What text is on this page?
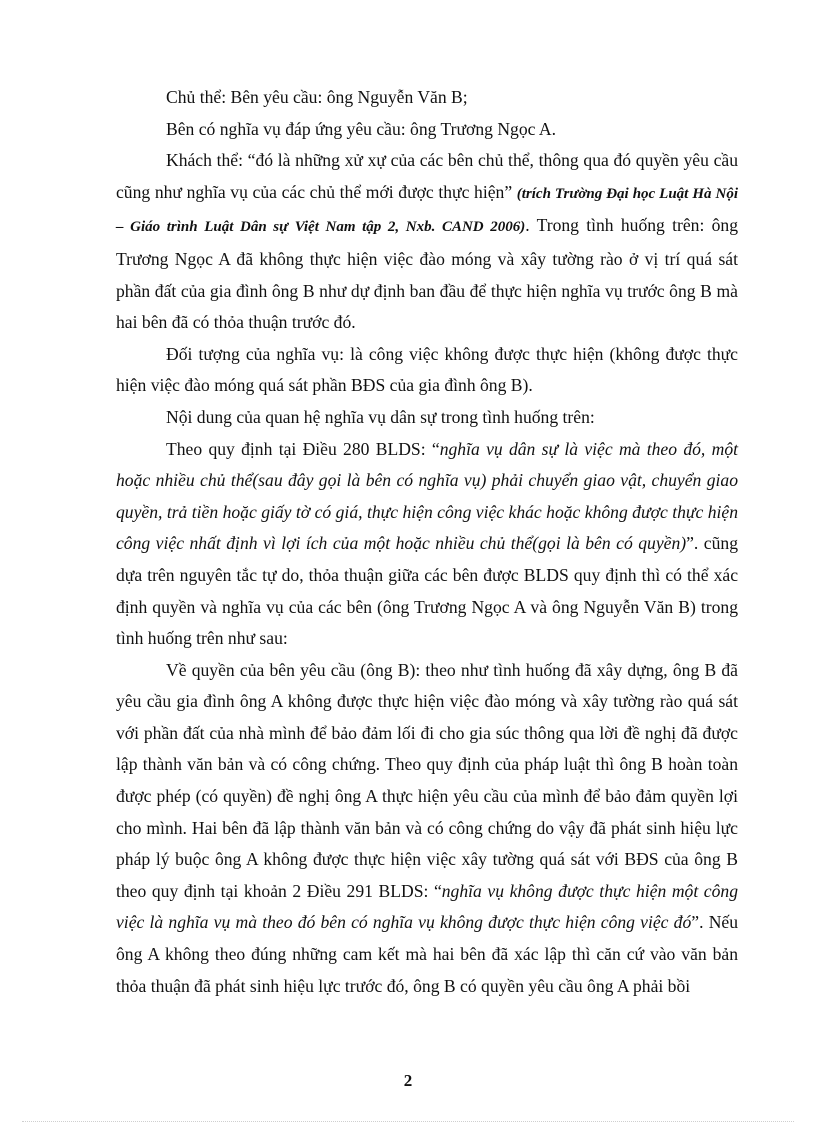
Chủ thể: Bên yêu cầu: ông Nguyễn Văn B;

Bên có nghĩa vụ đáp ứng yêu cầu: ông Trương Ngọc A.

Khách thể: “đó là những xử xự của các bên chủ thể, thông qua đó quyền yêu cầu cũng như nghĩa vụ của các chủ thể mới được thực hiện” (trích Trường Đại học Luật Hà Nội – Giáo trình Luật Dân sự Việt Nam tập 2, Nxb. CAND 2006). Trong tình huống trên: ông Trương Ngọc A đã không thực hiện việc đào móng và xây tường rào ở vị trí quá sát phần đất của gia đình ông B như dự định ban đầu để thực hiện nghĩa vụ trước ông B mà hai bên đã có thỏa thuận trước đó.

Đối tượng của nghĩa vụ: là công việc không được thực hiện (không được thực hiện việc đào móng quá sát phần BĐS của gia đình ông B).

Nội dung của quan hệ nghĩa vụ dân sự trong tình huống trên:

Theo quy định tại Điều 280 BLDS: “nghĩa vụ dân sự là việc mà theo đó, một hoặc nhiều chủ thể(sau đây gọi là bên có nghĩa vụ) phải chuyển giao vật, chuyển giao quyền, trả tiền hoặc giấy tờ có giá, thực hiện công việc khác hoặc không được thực hiện công việc nhất định vì lợi ích của một hoặc nhiều chủ thể(gọi là bên có quyền)”. cũng dựa trên nguyên tắc tự do, thỏa thuận giữa các bên được BLDS quy định thì có thể xác định quyền và nghĩa vụ của các bên (ông Trương Ngọc A và ông Nguyễn Văn B) trong tình huống trên như sau:

Về quyền của bên yêu cầu (ông B): theo như tình huống đã xây dựng, ông B đã yêu cầu gia đình ông A không được thực hiện việc đào móng và xây tường rào quá sát với phần đất của nhà mình để bảo đảm lối đi cho gia súc thông qua lời đề nghị đã được lập thành văn bản và có công chứng. Theo quy định của pháp luật thì ông B hoàn toàn được phép (có quyền) đề nghị ông A thực hiện yêu cầu của mình để bảo đảm quyền lợi cho mình. Hai bên đã lập thành văn bản và có công chứng do vậy đã phát sinh hiệu lực pháp lý buộc ông A không được thực hiện việc xây tường quá sát với BĐS của ông B theo quy định tại khoản 2 Điều 291 BLDS: “nghĩa vụ không được thực hiện một công việc là nghĩa vụ mà theo đó bên có nghĩa vụ không được thực hiện công việc đó”. Nếu ông A không theo đúng những cam kết mà hai bên đã xác lập thì căn cứ vào văn bản thỏa thuận đã phát sinh hiệu lực trước đó, ông B có quyền yêu cầu ông A phải bồi

2
